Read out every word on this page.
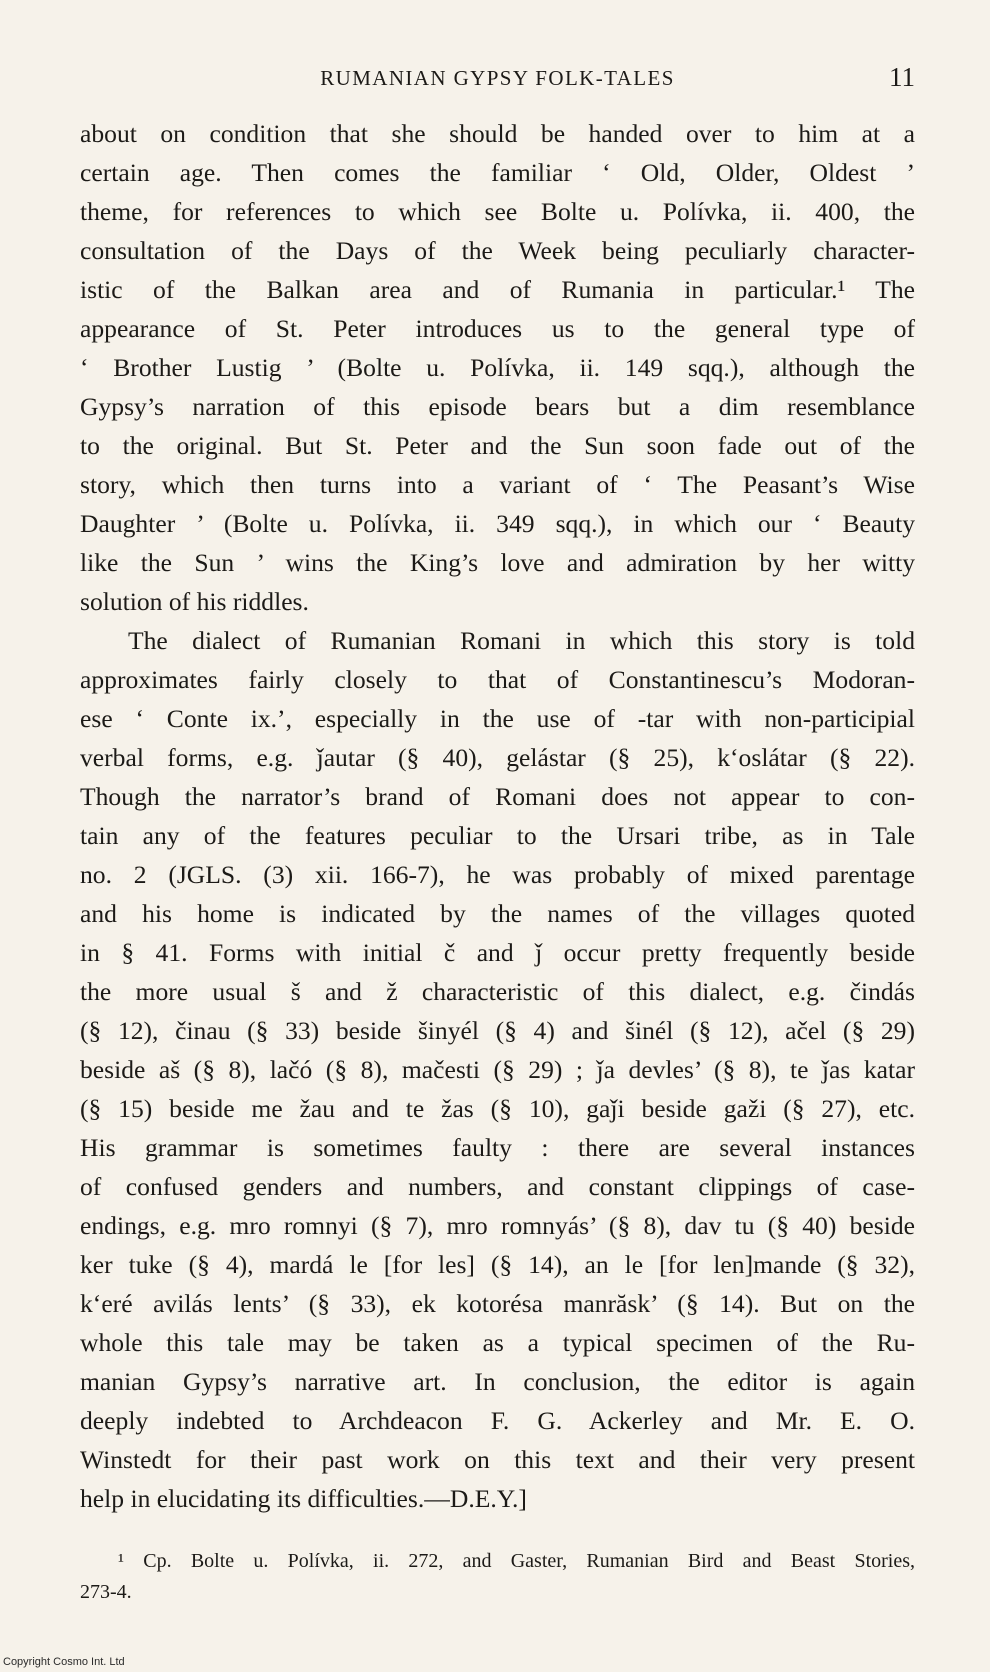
RUMANIAN GYPSY FOLK-TALES	11
about on condition that she should be handed over to him at a
certain age. Then comes the familiar ‘ Old, Older, Oldest ’
theme, for references to which see Bolte u. Polívka, ii. 400, the
consultation of the Days of the Week being peculiarly character-
istic of the Balkan area and of Rumania in particular.¹ The
appearance of St. Peter introduces us to the general type of
‘ Brother Lustig ’ (Bolte u. Polívka, ii. 149 sqq.), although the
Gypsy’s narration of this episode bears but a dim resemblance
to the original. But St. Peter and the Sun soon fade out of the
story, which then turns into a variant of ‘ The Peasant’s Wise
Daughter ’ (Bolte u. Polívka, ii. 349 sqq.), in which our ‘ Beauty
like the Sun ’ wins the King’s love and admiration by her witty
solution of his riddles.
The dialect of Rumanian Romani in which this story is told
approximates fairly closely to that of Constantinescu’s Modoran-
ese ‘ Conte ix.’, especially in the use of -tar with non-participial
verbal forms, e.g. ǰautar (§ 40), gelástar (§ 25), k‘oslátar (§ 22).
Though the narrator’s brand of Romani does not appear to con-
tain any of the features peculiar to the Ursari tribe, as in Tale
no. 2 (JGLS. (3) xii. 166-7), he was probably of mixed parentage
and his home is indicated by the names of the villages quoted
in § 41. Forms with initial č and ǰ occur pretty frequently beside
the more usual š and ž characteristic of this dialect, e.g. čindás
(§ 12), činau (§ 33) beside šinyél (§ 4) and šinél (§ 12), ačel (§ 29)
beside aš (§ 8), lačó (§ 8), mačesti (§ 29) ; ǰa devles’ (§ 8), te ǰas katar
(§ 15) beside me žau and te žas (§ 10), gaǰi beside gaži (§ 27), etc.
His grammar is sometimes faulty : there are several instances
of confused genders and numbers, and constant clippings of case-
endings, e.g. mro romnyi (§ 7), mro romnyás’ (§ 8), dav tu (§ 40) beside
ker tuke (§ 4), mardá le [for les] (§ 14), an le [for len]mande (§ 32),
k‘eré avilás lents’ (§ 33), ek kotorésa manrăsk’ (§ 14). But on the
whole this tale may be taken as a typical specimen of the Ru-
manian Gypsy’s narrative art. In conclusion, the editor is again
deeply indebted to Archdeacon F. G. Ackerley and Mr. E. O.
Winstedt for their past work on this text and their very present
help in elucidating its difficulties.—D.E.Y.]
¹ Cp. Bolte u. Polívka, ii. 272, and Gaster, Rumanian Bird and Beast Stories,
273-4.
Copyright Cosmo Int. Ltd
